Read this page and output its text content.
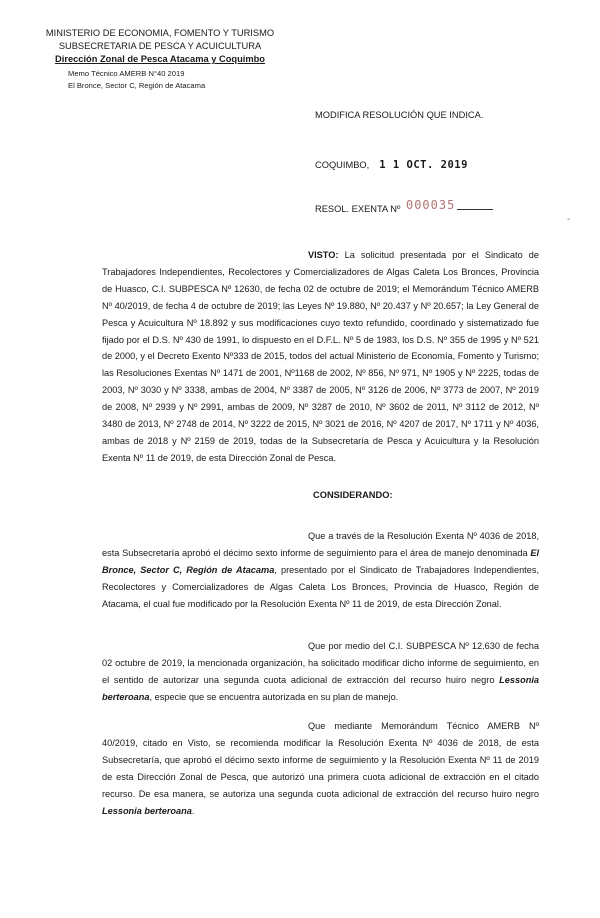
MINISTERIO DE ECONOMIA, FOMENTO Y TURISMO
SUBSECRETARIA DE PESCA Y ACUICULTURA
Dirección Zonal de Pesca Atacama y Coquimbo
Memo Técnico AMERB N°40 2019
El Bronce, Sector C, Región de Atacama
MODIFICA RESOLUCIÓN QUE INDICA.
COQUIMBO, 1 1 OCT. 2019
RESOL. EXENTA Nº 000035
-

VISTO: La solicitud presentada por el Sindicato de Trabajadores Independientes, Recolectores y Comercializadores de Algas Caleta Los Bronces, Provincia de Huasco, C.I. SUBPESCA Nº 12630, de fecha 02 de octubre de 2019; el Memorándum Técnico AMERB Nº 40/2019, de fecha 4 de octubre de 2019; las Leyes Nº 19.880, Nº 20.437 y Nº 20.657; la Ley General de Pesca y Acuicultura Nº 18.892 y sus modificaciones cuyo texto refundido, coordinado y sistematizado fue fijado por el D.S. Nº 430 de 1991, lo dispuesto en el D.F.L. Nº 5 de 1983, los D.S. Nº 355 de 1995 y Nº 521 de 2000, y el Decreto Exento Nº333 de 2015, todos del actual Ministerio de Economía, Fomento y Turismo; las Resoluciones Exentas Nº 1471 de 2001, Nº1168 de 2002, Nº 856, Nº 971, Nº 1905 y Nº 2225, todas de 2003, Nº 3030 y Nº 3338, ambas de 2004, Nº 3387 de 2005, Nº 3126 de 2006, Nº 3773 de 2007, Nº 2019 de 2008, Nº 2939 y Nº 2991, ambas de 2009, Nº 3287 de 2010, Nº 3602 de 2011, Nº 3112 de 2012, Nº 3480 de 2013, Nº 2748 de 2014, Nº 3222 de 2015, Nº 3021 de 2016, Nº 4207 de 2017, Nº 1711 y Nº 4036, ambas de 2018 y Nº 2159 de 2019, todas de la Subsecretaría de Pesca y Acuicultura y la Resolución Exenta Nº 11 de 2019, de esta Dirección Zonal de Pesca.

CONSIDERANDO:

Que a través de la Resolución Exenta Nº 4036 de 2018, esta Subsecretaría aprobó el décimo sexto informe de seguimiento para el área de manejo denominada El Bronce, Sector C, Región de Atacama, presentado por el Sindicato de Trabajadores Independientes, Recolectores y Comercializadores de Algas Caleta Los Bronces, Provincia de Huasco, Región de Atacama, el cual fue modificado por la Resolución Exenta Nº 11 de 2019, de esta Dirección Zonal.

Que por medio del C.I. SUBPESCA Nº 12.630 de fecha 02 octubre de 2019, la mencionada organización, ha solicitado modificar dicho informe de seguimiento, en el sentido de autorizar una segunda cuota adicional de extracción del recurso huiro negro Lessonia berteroana, especie que se encuentra autorizada en su plan de manejo.

Que mediante Memorándum Técnico AMERB Nº 40/2019, citado en Visto, se recomienda modificar la Resolución Exenta Nº 4036 de 2018, de esta Subsecretaría, que aprobó el décimo sexto informe de seguimiento y la Resolución Exenta Nº 11 de 2019 de esta Dirección Zonal de Pesca, que autorizó una primera cuota adicional de extracción en el citado recurso. De esa manera, se autoriza una segunda cuota adicional de extracción del recurso huiro negro Lessonia berteroana.
